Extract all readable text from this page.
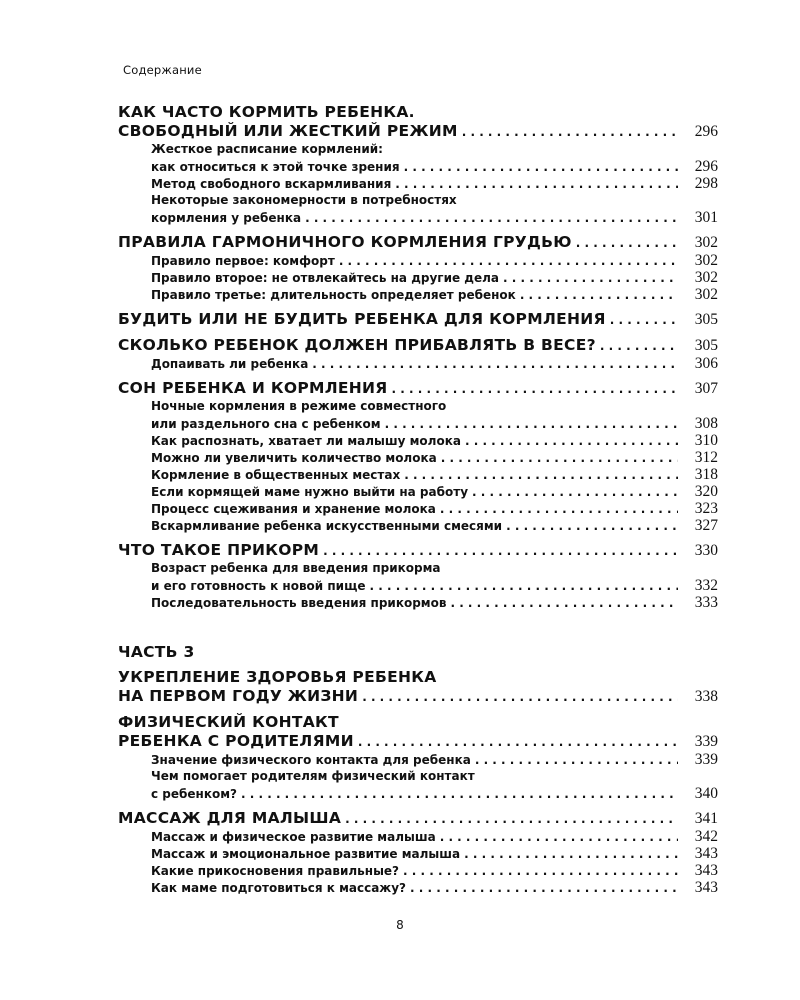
Содержание
КАК ЧАСТО КОРМИТЬ РЕБЕНКА.
СВОБОДНЫЙ ИЛИ ЖЕСТКИЙ РЕЖИМ . . .	296
Жесткое расписание кормлений:
как относиться к этой точке зрения . . .	296
Метод свободного вскармливания . . .	298
Некоторые закономерности в потребностях
кормления у ребенка . . .	301
ПРАВИЛА ГАРМОНИЧНОГО КОРМЛЕНИЯ ГРУДЬЮ . . .	302
Правило первое: комфорт . . .	302
Правило второе: не отвлекайтесь на другие дела . . .	302
Правило третье: длительность определяет ребенок . . .	302
БУДИТЬ ИЛИ НЕ БУДИТЬ РЕБЕНКА ДЛЯ КОРМЛЕНИЯ . . .	305
СКОЛЬКО РЕБЕНОК ДОЛЖЕН ПРИБАВЛЯТЬ В ВЕСЕ? . . .	305
Допаивать ли ребенка . . .	306
СОН РЕБЕНКА И КОРМЛЕНИЯ . . .	307
Ночные кормления в режиме совместного
или раздельного сна с ребенком . . .	308
Как распознать, хватает ли малышу молока . . .	310
Можно ли увеличить количество молока . . .	312
Кормление в общественных местах . . .	318
Если кормящей маме нужно выйти на работу . . .	320
Процесс сцеживания и хранение молока . . .	323
Вскармливание ребенка искусственными смесями . . .	327
ЧТО ТАКОЕ ПРИКОРМ . . .	330
Возраст ребенка для введения прикорма
и его готовность к новой пище . . .	332
Последовательность введения прикормов . . .	333
ЧАСТЬ 3
УКРЕПЛЕНИЕ ЗДОРОВЬЯ РЕБЕНКА
НА ПЕРВОМ ГОДУ ЖИЗНИ . . .	338
ФИЗИЧЕСКИЙ КОНТАКТ
РЕБЕНКА С РОДИТЕЛЯМИ . . .	339
Значение физического контакта для ребенка . . .	339
Чем помогает родителям физический контакт
с ребенком? . . .	340
МАССАЖ ДЛЯ МАЛЫША . . .	341
Массаж и физическое развитие малыша . . .	342
Массаж и эмоциональное развитие малыша . . .	343
Какие прикосновения правильные? . . .	343
Как маме подготовиться к массажу? . . .	343
8
